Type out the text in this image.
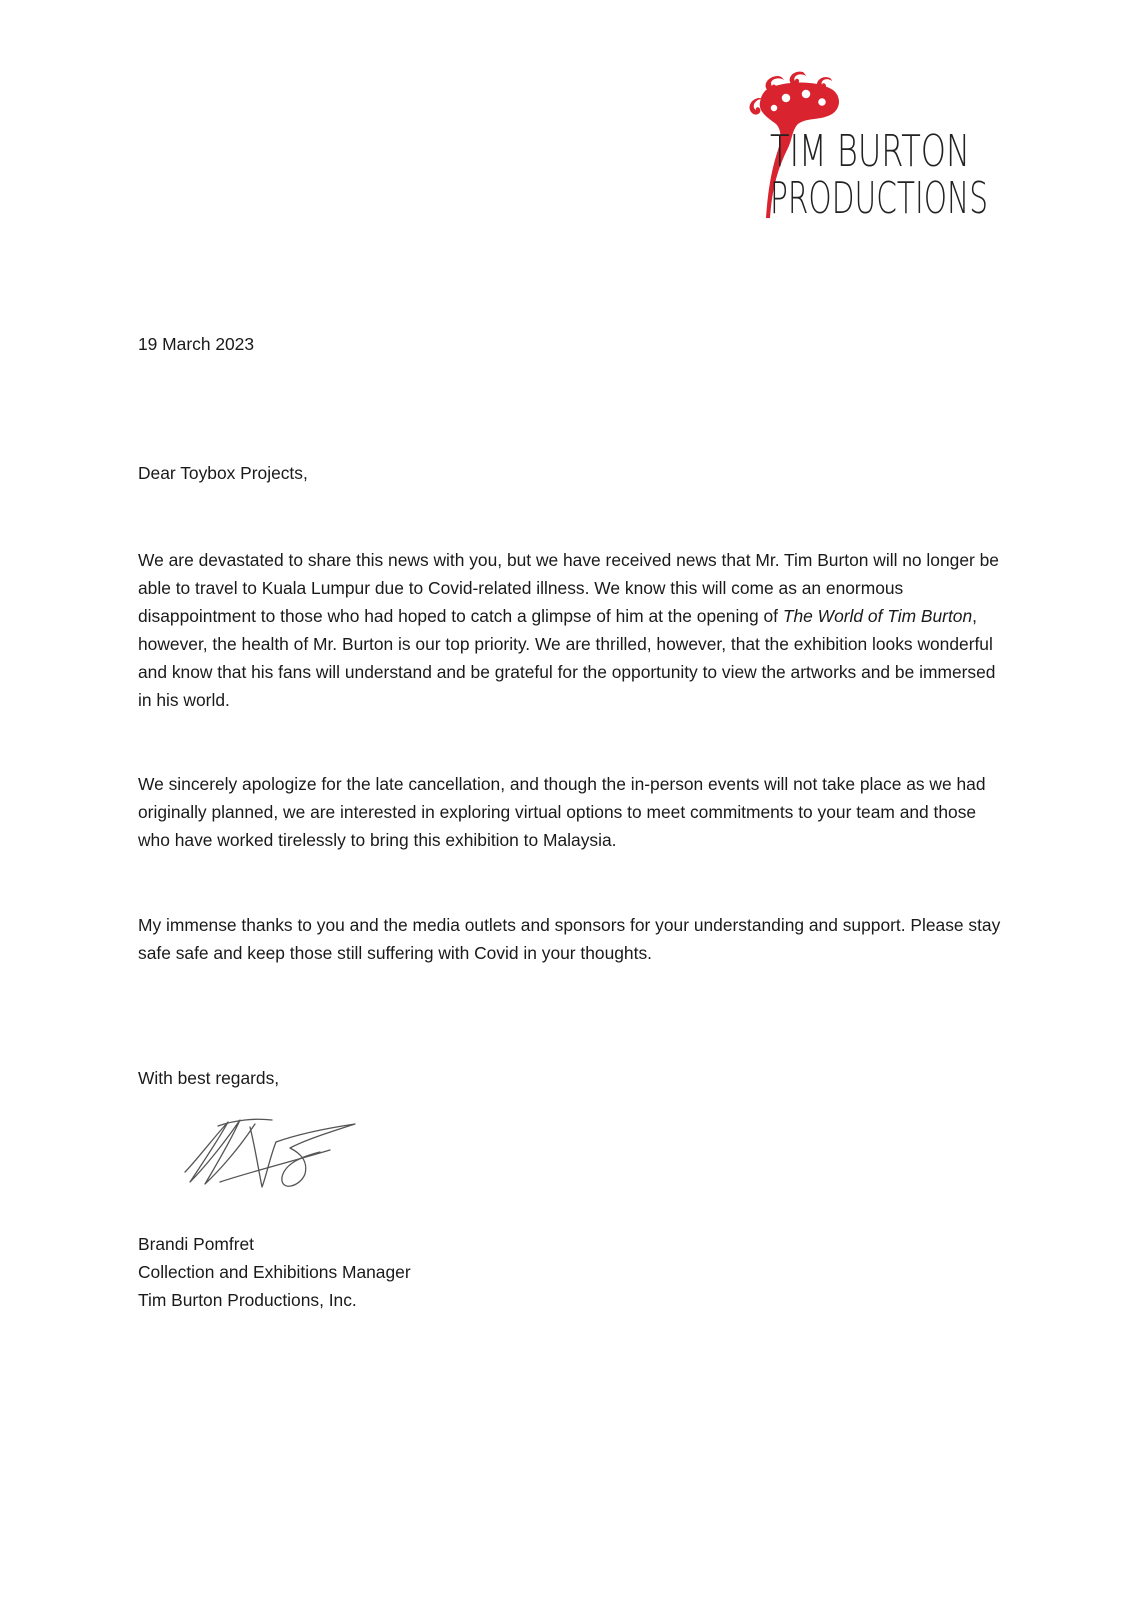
TIM BURTON
PRODUCTIONS

19 March 2023

Dear Toybox Projects,

We are devastated to share this news with you, but we have received news that Mr. Tim Burton will no longer be able to travel to Kuala Lumpur due to Covid-related illness. We know this will come as an enormous disappointment to those who had hoped to catch a glimpse of him at the opening of The World of Tim Burton, however, the health of Mr. Burton is our top priority. We are thrilled, however, that the exhibition looks wonderful and know that his fans will understand and be grateful for the opportunity to view the artworks and be immersed in his world.

We sincerely apologize for the late cancellation, and though the in-person events will not take place as we had originally planned, we are interested in exploring virtual options to meet commitments to your team and those who have worked tirelessly to bring this exhibition to Malaysia.

My immense thanks to you and the media outlets and sponsors for your understanding and support. Please stay safe safe and keep those still suffering with Covid in your thoughts.

With best regards,

Brandi Pomfret
Collection and Exhibitions Manager
Tim Burton Productions, Inc.
